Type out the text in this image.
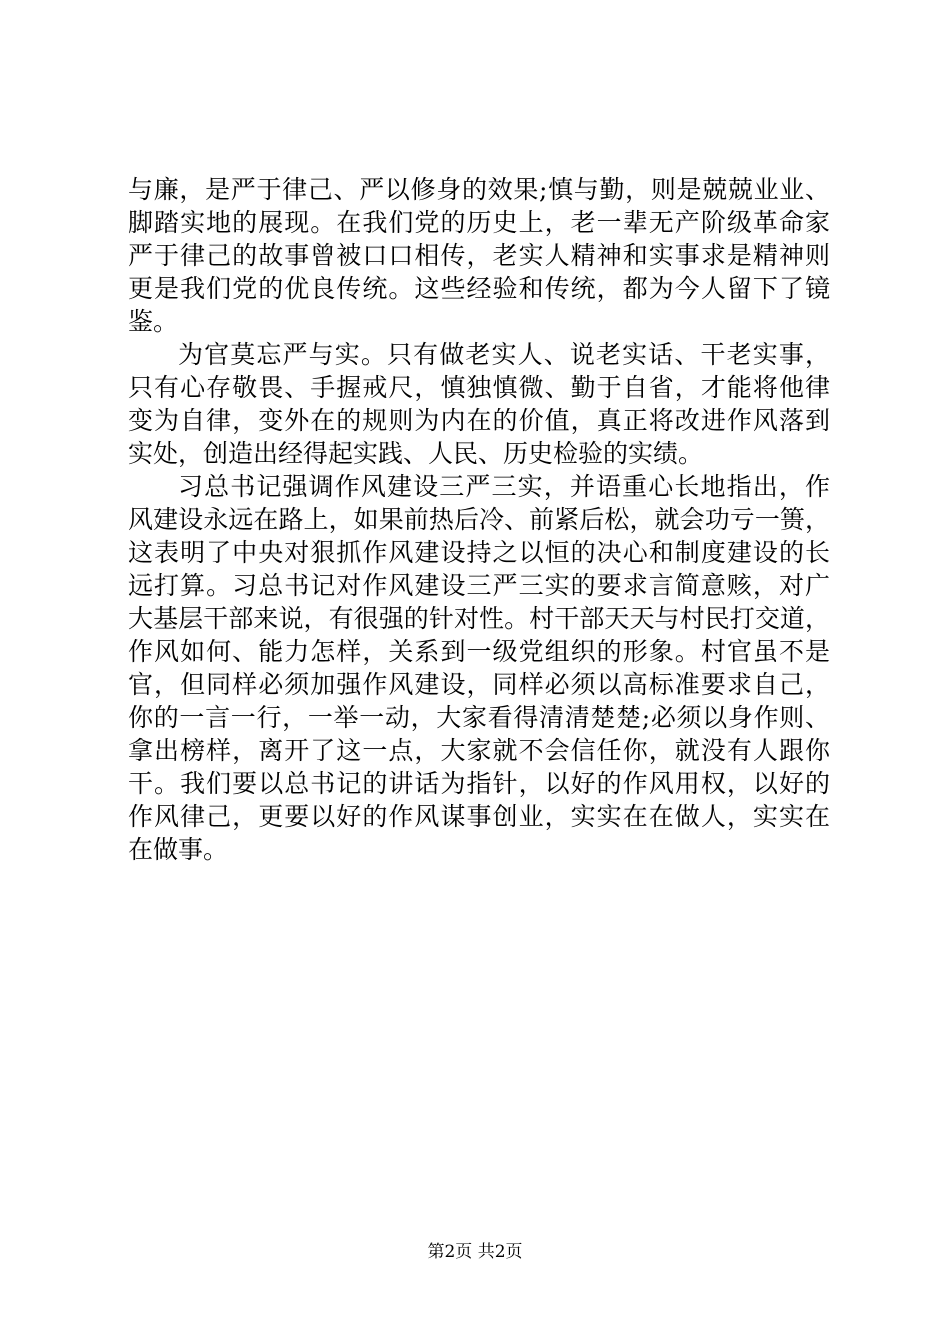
与廉，是严于律己、严以修身的效果;慎与勤，则是兢兢业业、
脚踏实地的展现。在我们党的历史上，老一辈无产阶级革命家
严于律己的故事曾被口口相传，老实人精神和实事求是精神则
更是我们党的优良传统。这些经验和传统，都为今人留下了镜
鉴。
为官莫忘严与实。只有做老实人、说老实话、干老实事，
只有心存敬畏、手握戒尺，慎独慎微、勤于自省，才能将他律
变为自律，变外在的规则为内在的价值，真正将改进作风落到
实处，创造出经得起实践、人民、历史检验的实绩。
习总书记强调作风建设三严三实，并语重心长地指出，作
风建设永远在路上，如果前热后冷、前紧后松，就会功亏一篑，
这表明了中央对狠抓作风建设持之以恒的决心和制度建设的长
远打算。习总书记对作风建设三严三实的要求言简意赅，对广
大基层干部来说，有很强的针对性。村干部天天与村民打交道，
作风如何、能力怎样，关系到一级党组织的形象。村官虽不是
官，但同样必须加强作风建设，同样必须以高标准要求自己，
你的一言一行，一举一动，大家看得清清楚楚;必须以身作则、
拿出榜样，离开了这一点，大家就不会信任你，就没有人跟你
干。我们要以总书记的讲话为指针，以好的作风用权，以好的
作风律己，更要以好的作风谋事创业，实实在在做人，实实在
在做事。
第2页 共2页
